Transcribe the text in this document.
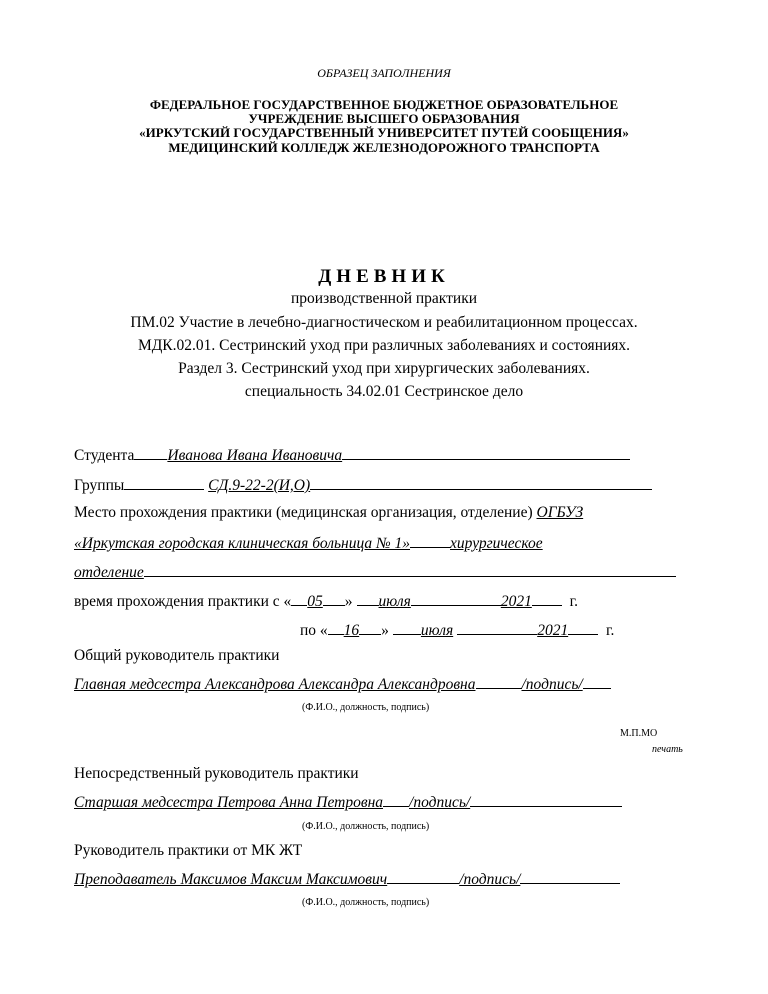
ОБРАЗЕЦ ЗАПОЛНЕНИЯ
ФЕДЕРАЛЬНОЕ ГОСУДАРСТВЕННОЕ БЮДЖЕТНОЕ ОБРАЗОВАТЕЛЬНОЕ
УЧРЕЖДЕНИЕ ВЫСШЕГО ОБРАЗОВАНИЯ
«ИРКУТСКИЙ ГОСУДАРСТВЕННЫЙ УНИВЕРСИТЕТ ПУТЕЙ СООБЩЕНИЯ»
МЕДИЦИНСКИЙ КОЛЛЕДЖ ЖЕЛЕЗНОДОРОЖНОГО ТРАНСПОРТА
ДНЕВНИК
производственной практики
ПМ.02 Участие в лечебно-диагностическом и реабилитационном процессах.
МДК.02.01. Сестринский уход при различных заболеваниях и состояниях.
Раздел 3. Сестринский уход при хирургических заболеваниях.
специальность 34.02.01 Сестринское дело
Студента Иванова Ивана Ивановича
Группы	СД.9-22-2(И,О)
Место прохождения практики (медицинская организация, отделение) ОГБУЗ
«Иркутская городская клиническая больница № 1»	хирургическое
отделение
время прохождения практики с « 05 » июля	2021 г.
по « 16 » июля	2021 г.
Общий руководитель практики
Главная медсестра Александрова Александра Александровна	/подпись/
(Ф.И.О., должность, подпись)
М.П.МО
печать
Непосредственный руководитель практики
Старшая медсестра Петрова Анна Петровна /подпись/
(Ф.И.О., должность, подпись)
Руководитель практики от МК ЖТ
Преподаватель Максимов Максим Максимович	/подпись/
(Ф.И.О., должность, подпись)
